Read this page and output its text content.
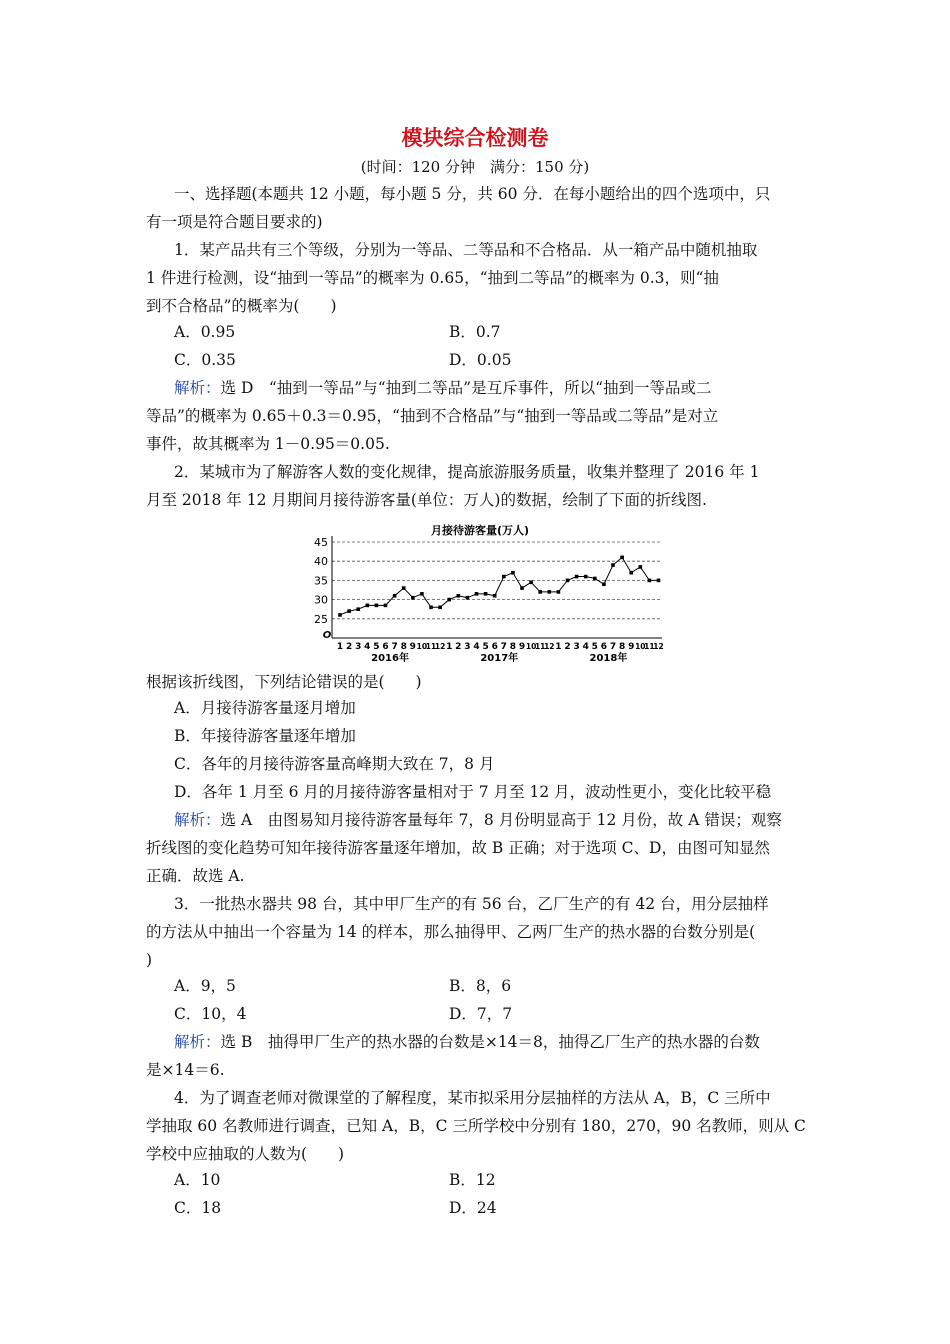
模块综合检测卷
(时间：120 分钟　满分：150 分)
一、选择题(本题共 12 小题，每小题 5 分，共 60 分．在每小题给出的四个选项中，只
有一项是符合题目要求的)
1．某产品共有三个等级，分别为一等品、二等品和不合格品．从一箱产品中随机抽取
1 件进行检测，设“抽到一等品”的概率为 0.65，“抽到二等品”的概率为 0.3，则“抽
到不合格品”的概率为(　　)
A．0.95	B．0.7
C．0.35	D．0.05
解析：选 D　“抽到一等品”与“抽到二等品”是互斥事件，所以“抽到一等品或二
等品”的概率为 0.65＋0.3＝0.95，“抽到不合格品”与“抽到一等品或二等品”是对立
事件，故其概率为 1－0.95＝0.05.
2．某城市为了解游客人数的变化规律，提高旅游服务质量，收集并整理了 2016 年 1
月至 2018 年 12 月期间月接待游客量(单位：万人)的数据，绘制了下面的折线图.
月接待游客量(万人)
25
30
35
40
45
O
1 2 3 4 5 6 7 8 9 10
11
12 1 2 3 4 5 6 7 8 9 10
11
12 1 2 3 4 5 6 7 8 9 10
11
12
2016年	2017年	2018年
根据该折线图，下列结论错误的是(　　)
A．月接待游客量逐月增加
B．年接待游客量逐年增加
C．各年的月接待游客量高峰期大致在 7，8 月
D．各年 1 月至 6 月的月接待游客量相对于 7 月至 12 月，波动性更小，变化比较平稳
解析：选 A　由图易知月接待游客量每年 7，8 月份明显高于 12 月份，故 A 错误；观察
折线图的变化趋势可知年接待游客量逐年增加，故 B 正确；对于选项 C、D，由图可知显然
正确．故选 A.
3．一批热水器共 98 台，其中甲厂生产的有 56 台，乙厂生产的有 42 台，用分层抽样
的方法从中抽出一个容量为 14 的样本，那么抽得甲、乙两厂生产的热水器的台数分别是(
)
A．9，5	B．8，6
C．10，4	D．7，7
解析：选 B　抽得甲厂生产的热水器的台数是×14＝8，抽得乙厂生产的热水器的台数
是×14＝6.
4．为了调查老师对微课堂的了解程度，某市拟采用分层抽样的方法从 A，B，C 三所中
学抽取 60 名教师进行调查，已知 A，B，C 三所学校中分别有 180，270，90 名教师，则从 C
学校中应抽取的人数为(　　)
A．10	B．12
C．18	D．24
